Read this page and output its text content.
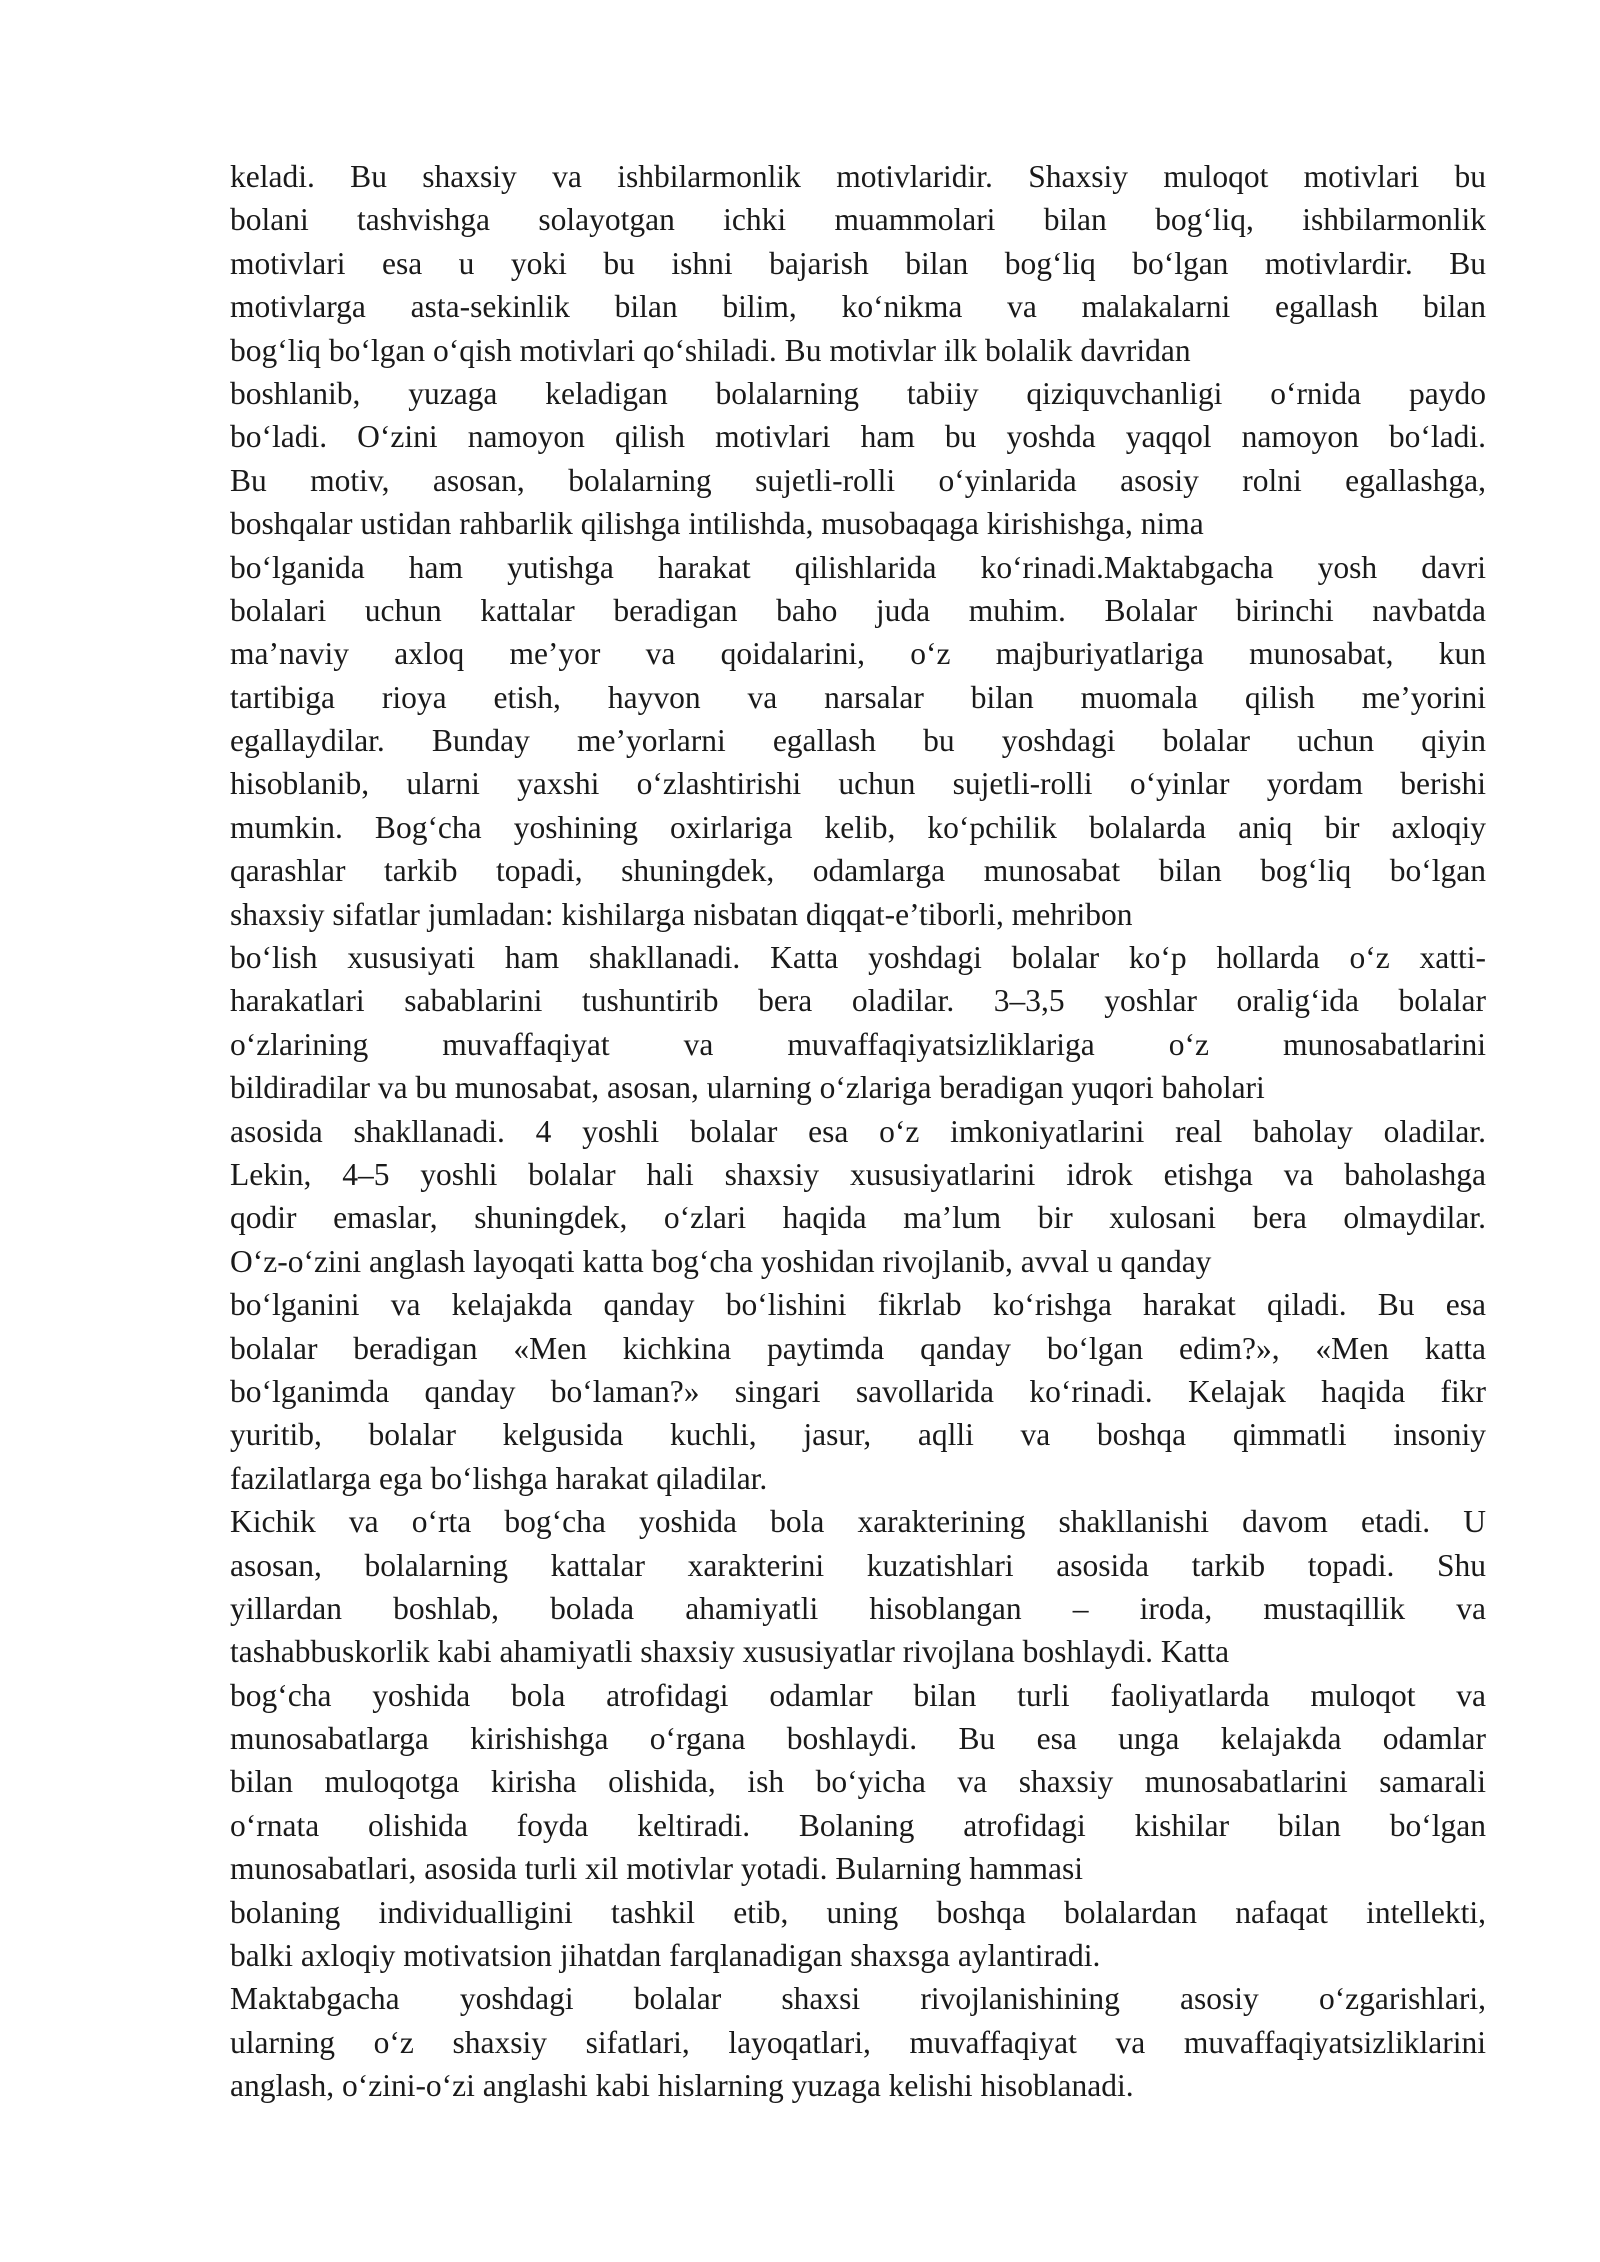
keladi. Bu shaxsiy va ishbilarmonlik motivlaridir. Shaxsiy muloqot motivlari bu
bolani tashvishga solayotgan ichki muammolari bilan bog‘liq, ishbilarmonlik
motivlari esa u yoki bu ishni bajarish bilan bog‘liq bo‘lgan motivlardir. Bu
motivlarga asta-sekinlik bilan bilim, ko‘nikma va malakalarni egallash bilan
bog‘liq bo‘lgan o‘qish motivlari qo‘shiladi. Bu motivlar ilk bolalik davridan
boshlanib, yuzaga keladigan bolalarning tabiiy qiziquvchanligi o‘rnida paydo
bo‘ladi. O‘zini namoyon qilish motivlari ham bu yoshda yaqqol namoyon bo‘ladi.
Bu motiv, asosan, bolalarning sujetli-rolli o‘yinlarida asosiy rolni egallashga,
boshqalar ustidan rahbarlik qilishga intilishda, musobaqaga kirishishga, nima
bo‘lganida ham yutishga harakat qilishlarida ko‘rinadi.Maktabgacha yosh davri
bolalari uchun kattalar beradigan baho juda muhim. Bolalar birinchi navbatda
ma’naviy axloq me’yor va qoidalarini, o‘z majburiyatlariga munosabat, kun
tartibiga rioya etish, hayvon va narsalar bilan muomala qilish me’yorini
egallaydilar. Bunday me’yorlarni egallash bu yoshdagi bolalar uchun qiyin
hisoblanib, ularni yaxshi o‘zlashtirishi uchun sujetli-rolli o‘yinlar yordam berishi
mumkin. Bog‘cha yoshining oxirlariga kelib, ko‘pchilik bolalarda aniq bir axloqiy
qarashlar tarkib topadi, shuningdek, odamlarga munosabat bilan bog‘liq bo‘lgan
shaxsiy sifatlar jumladan: kishilarga nisbatan diqqat-e’tiborli, mehribon
bo‘lish xususiyati ham shakllanadi. Katta yoshdagi bolalar ko‘p hollarda o‘z xatti-
harakatlari sabablarini tushuntirib bera oladilar. 3–3,5 yoshlar oralig‘ida bolalar
o‘zlarining muvaffaqiyat va muvaffaqiyatsizliklariga o‘z munosabatlarini
bildiradilar va bu munosabat, asosan, ularning o‘zlariga beradigan yuqori baholari
asosida shakllanadi. 4 yoshli bolalar esa o‘z imkoniyatlarini real baholay oladilar.
Lekin, 4–5 yoshli bolalar hali shaxsiy xususiyatlarini idrok etishga va baholashga
qodir emaslar, shuningdek, o‘zlari haqida ma’lum bir xulosani bera olmaydilar.
O‘z-o‘zini anglash layoqati katta bog‘cha yoshidan rivojlanib, avval u qanday
bo‘lganini va kelajakda qanday bo‘lishini fikrlab ko‘rishga harakat qiladi. Bu esa
bolalar beradigan «Men kichkina paytimda qanday bo‘lgan edim?», «Men katta
bo‘lganimda qanday bo‘laman?» singari savollarida ko‘rinadi. Kelajak haqida fikr
yuritib, bolalar kelgusida kuchli, jasur, aqlli va boshqa qimmatli insoniy
fazilatlarga ega bo‘lishga harakat qiladilar.
Kichik va o‘rta bog‘cha yoshida bola xarakterining shakllanishi davom etadi. U
asosan, bolalarning kattalar xarakterini kuzatishlari asosida tarkib topadi. Shu
yillardan boshlab, bolada ahamiyatli hisoblangan – iroda, mustaqillik va
tashabbuskorlik kabi ahamiyatli shaxsiy xususiyatlar rivojlana boshlaydi. Katta
bog‘cha yoshida bola atrofidagi odamlar bilan turli faoliyatlarda muloqot va
munosabatlarga kirishishga o‘rgana boshlaydi. Bu esa unga kelajakda odamlar
bilan muloqotga kirisha olishida, ish bo‘yicha va shaxsiy munosabatlarini samarali
o‘rnata olishida foyda keltiradi. Bolaning atrofidagi kishilar bilan bo‘lgan
munosabatlari, asosida turli xil motivlar yotadi. Bularning hammasi
bolaning individualligini tashkil etib, uning boshqa bolalardan nafaqat intellekti,
balki axloqiy motivatsion jihatdan farqlanadigan shaxsga aylantiradi.
Maktabgacha yoshdagi bolalar shaxsi rivojlanishining asosiy o‘zgarishlari,
ularning o‘z shaxsiy sifatlari, layoqatlari, muvaffaqiyat va muvaffaqiyatsizliklarini
anglash, o‘zini-o‘zi anglashi kabi hislarning yuzaga kelishi hisoblanadi.
